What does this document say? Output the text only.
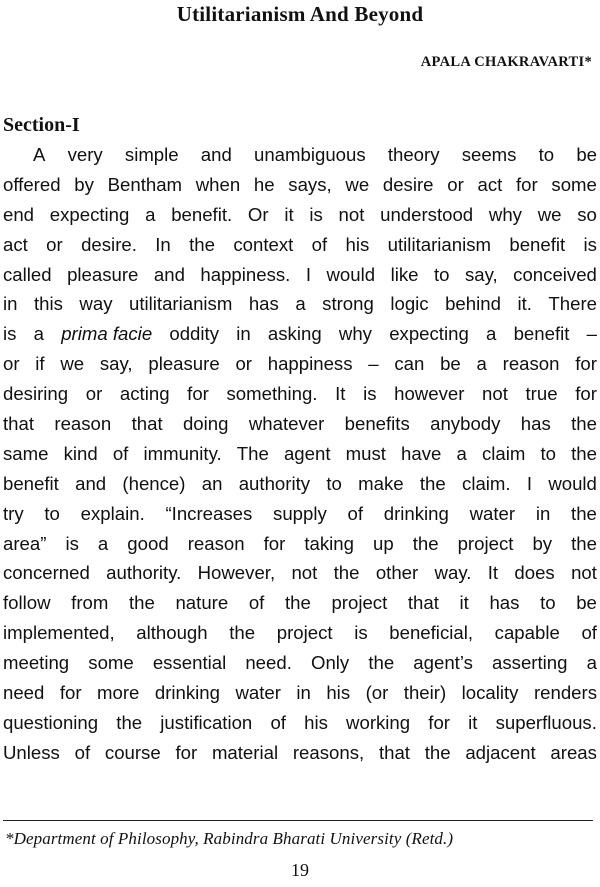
Utilitarianism And Beyond
APALA CHAKRAVARTI*
Section-I
A very simple and unambiguous theory seems to be
offered by Bentham when he says, we desire or act for some
end expecting a benefit. Or it is not understood why we so
act or desire. In the context of his utilitarianism benefit is
called pleasure and happiness. I would like to say, conceived
in this way utilitarianism has a strong logic behind it. There
is a prima facie oddity in asking why expecting a benefit –
or if we say, pleasure or happiness – can be a reason for
desiring or acting for something. It is however not true for
that reason that doing whatever benefits anybody has the
same kind of immunity. The agent must have a claim to the
benefit and (hence) an authority to make the claim. I would
try to explain. “Increases supply of drinking water in the
area” is a good reason for taking up the project by the
concerned authority. However, not the other way. It does not
follow from the nature of the project that it has to be
implemented, although the project is beneficial, capable of
meeting some essential need. Only the agent’s asserting a
need for more drinking water in his (or their) locality renders
questioning the justification of his working for it superfluous.
Unless of course for material reasons, that the adjacent areas
*Department of Philosophy, Rabindra Bharati University (Retd.)
19
